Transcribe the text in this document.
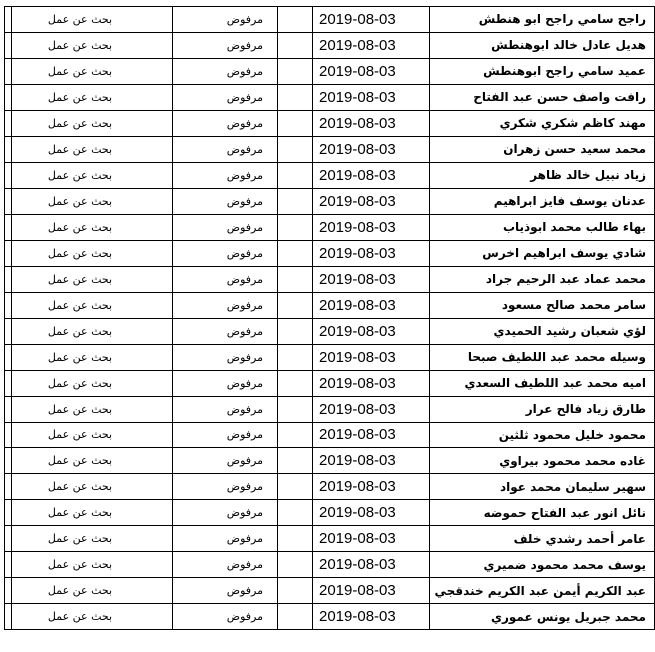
راجح سامي راجح ابو هنطش	2019-08-03		مرفوض	بحث عن عمل	
هديل عادل خالد ابوهنطش	2019-08-03		مرفوض	بحث عن عمل	
عميد سامي راجح ابوهنطش	2019-08-03		مرفوض	بحث عن عمل	
رافت واصف حسن عبد الفتاح	2019-08-03		مرفوض	بحث عن عمل	
مهند كاظم شكري شكري	2019-08-03		مرفوض	بحث عن عمل	
محمد سعيد حسن زهران	2019-08-03		مرفوض	بحث عن عمل	
زياد نبيل خالد ظاهر	2019-08-03		مرفوض	بحث عن عمل	
عدنان يوسف فايز ابراهيم	2019-08-03		مرفوض	بحث عن عمل	
بهاء طالب محمد ابوذياب	2019-08-03		مرفوض	بحث عن عمل	
شادي يوسف ابراهيم اخرس	2019-08-03		مرفوض	بحث عن عمل	
محمد عماد عبد الرحيم جراد	2019-08-03		مرفوض	بحث عن عمل	
سامر محمد صالح مسعود	2019-08-03		مرفوض	بحث عن عمل	
لؤي شعبان رشيد الحميدي	2019-08-03		مرفوض	بحث عن عمل	
وسيله محمد عبد اللطيف صبحا	2019-08-03		مرفوض	بحث عن عمل	
اميه محمد عبد اللطيف السعدي	2019-08-03		مرفوض	بحث عن عمل	
طارق زياد فالح عرار	2019-08-03		مرفوض	بحث عن عمل	
محمود خليل محمود ثلثين	2019-08-03		مرفوض	بحث عن عمل	
غاده محمد محمود بيراوي	2019-08-03		مرفوض	بحث عن عمل	
سهير سليمان محمد عواد	2019-08-03		مرفوض	بحث عن عمل	
نائل انور عبد الفتاح حموضه	2019-08-03		مرفوض	بحث عن عمل	
عامر أحمد رشدي خلف	2019-08-03		مرفوض	بحث عن عمل	
يوسف محمد محمود ضميري	2019-08-03		مرفوض	بحث عن عمل	
عبد الكريم أيمن عبد الكريم خندقجي	2019-08-03		مرفوض	بحث عن عمل	
محمد جبريل يونس عموري	2019-08-03		مرفوض	بحث عن عمل	
